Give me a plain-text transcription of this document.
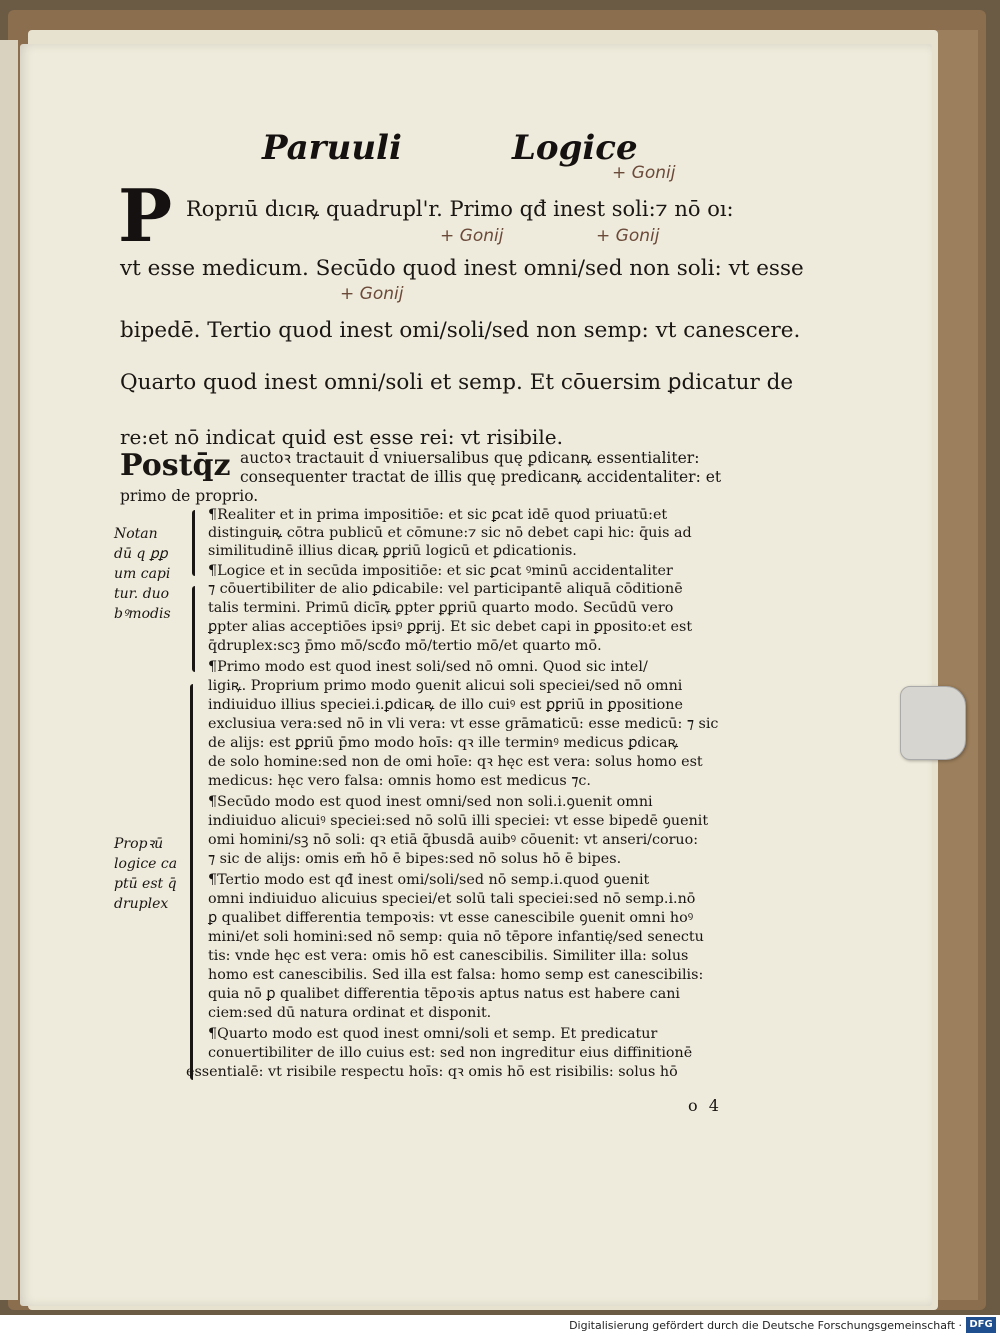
Paruuli	Logice
+ Gonij
+ Gonij	+ Gonij
+ Gonij
P Roprıū dıcıꝶ quadrupl'r. Primo qđ inest soli:⁊ nō oı:
vt esse medicum. Secūdo quod inest omni/sed non soli: vt esse
bipedē. Tertio quod inest omi/soli/sed non semp: vt canescere.
Quarto quod inest omni/soli et semp. Et cōuersim ꝑdicatur de
re:et nō indicat quid est esse rei: vt risibile.
Postq̄z auctoꝛ tractauit d̄ vniuersalibus quę ꝑdicanꝶ essentialiter:
consequenter tractat de illis quę predicanꝶ accidentaliter: et
primo de proprio.
Notan
dū q ꝑꝑ
um capi
tur. duo
bꝰmodis
Propꝛū
logice ca
ptū est q̄
druplex
¶Realiter et in prima impositiōe: et sic ꝑcat idē quod priuatū:et
distinguiꝶ cōtra publicū et cōmune:⁊ sic nō debet capi hic: q̄uis ad
similitudinē illius dicaꝶ ꝑꝑriū logicū et ꝑdicationis.
¶Logice et in secūda impositiōe: et sic ꝑcat ꝰminū accidentaliter
⁊ cōuertibiliter de alio ꝑdicabile: vel participantē aliquā cōditionē
talis termini. Primū dicīꝶ ꝑpter ꝑꝑriū quarto modo. Secūdū vero
ꝑpter alias acceptiōes ipsiꝰ ꝑꝑrij. Et sic debet capi in ꝑposito:et est
q̄druplex:scꝫ p̄mo mō/scđo mō/tertio mō/et quarto mō.
¶Primo modo est quod inest soli/sed nō omni. Quod sic intel/
ligiꝶ. Proprium primo modo ꝯuenit alicui soli speciei/sed nō omni
indiuiduo illius speciei.i.ꝑdicaꝶ de illo cuiꝰ est ꝑꝑriū in ꝑpositione
exclusiua vera:sed nō in vli vera: vt esse grāmaticū: esse medicū: ⁊ sic
de alijs: est ꝑꝑriū p̄mo modo hoīs: qꝛ ille terminꝰ medicus ꝑdicaꝶ
de solo homine:sed non de omi hoīe: qꝛ hęc est vera: solus homo est
medicus: hęc vero falsa: omnis homo est medicus ⁊c.
¶Secūdo modo est quod inest omni/sed non soli.i.ꝯuenit omni
indiuiduo alicuiꝰ speciei:sed nō solū illi speciei: vt esse bipedē ꝯuenit
omi homini/sꝫ nō soli: qꝛ etiā q̄busdā auibꝰ cōuenit: vt anseri/coruo:
⁊ sic de alijs: omis em̄ hō ē bipes:sed nō solus hō ē bipes.
¶Tertio modo est qđ inest omi/soli/sed nō semp.i.quod ꝯuenit
omni indiuiduo alicuius speciei/et solū tali speciei:sed nō semp.i.nō
ꝑ qualibet differentia tempoꝛis: vt esse canescibile ꝯuenit omni hoꝰ
mini/et soli homini:sed nō semp: quia nō tēpore infantię/sed senectu
tis: vnde hęc est vera: omis hō est canescibilis. Similiter illa: solus
homo est canescibilis. Sed illa est falsa: homo semp est canescibilis:
quia nō ꝑ qualibet differentia tēpoꝛis aptus natus est habere cani
ciem:sed dū natura ordinat et disponit.
¶Quarto modo est quod inest omni/soli et semp. Et predicatur
conuertibiliter de illo cuius est: sed non ingreditur eius diffinitionē
essentialē: vt risibile respectu hoīs: qꝛ omis hō est risibilis: solus hō
o 4
Digitalisierung gefördert durch die Deutsche Forschungsgemeinschaft · DFG
